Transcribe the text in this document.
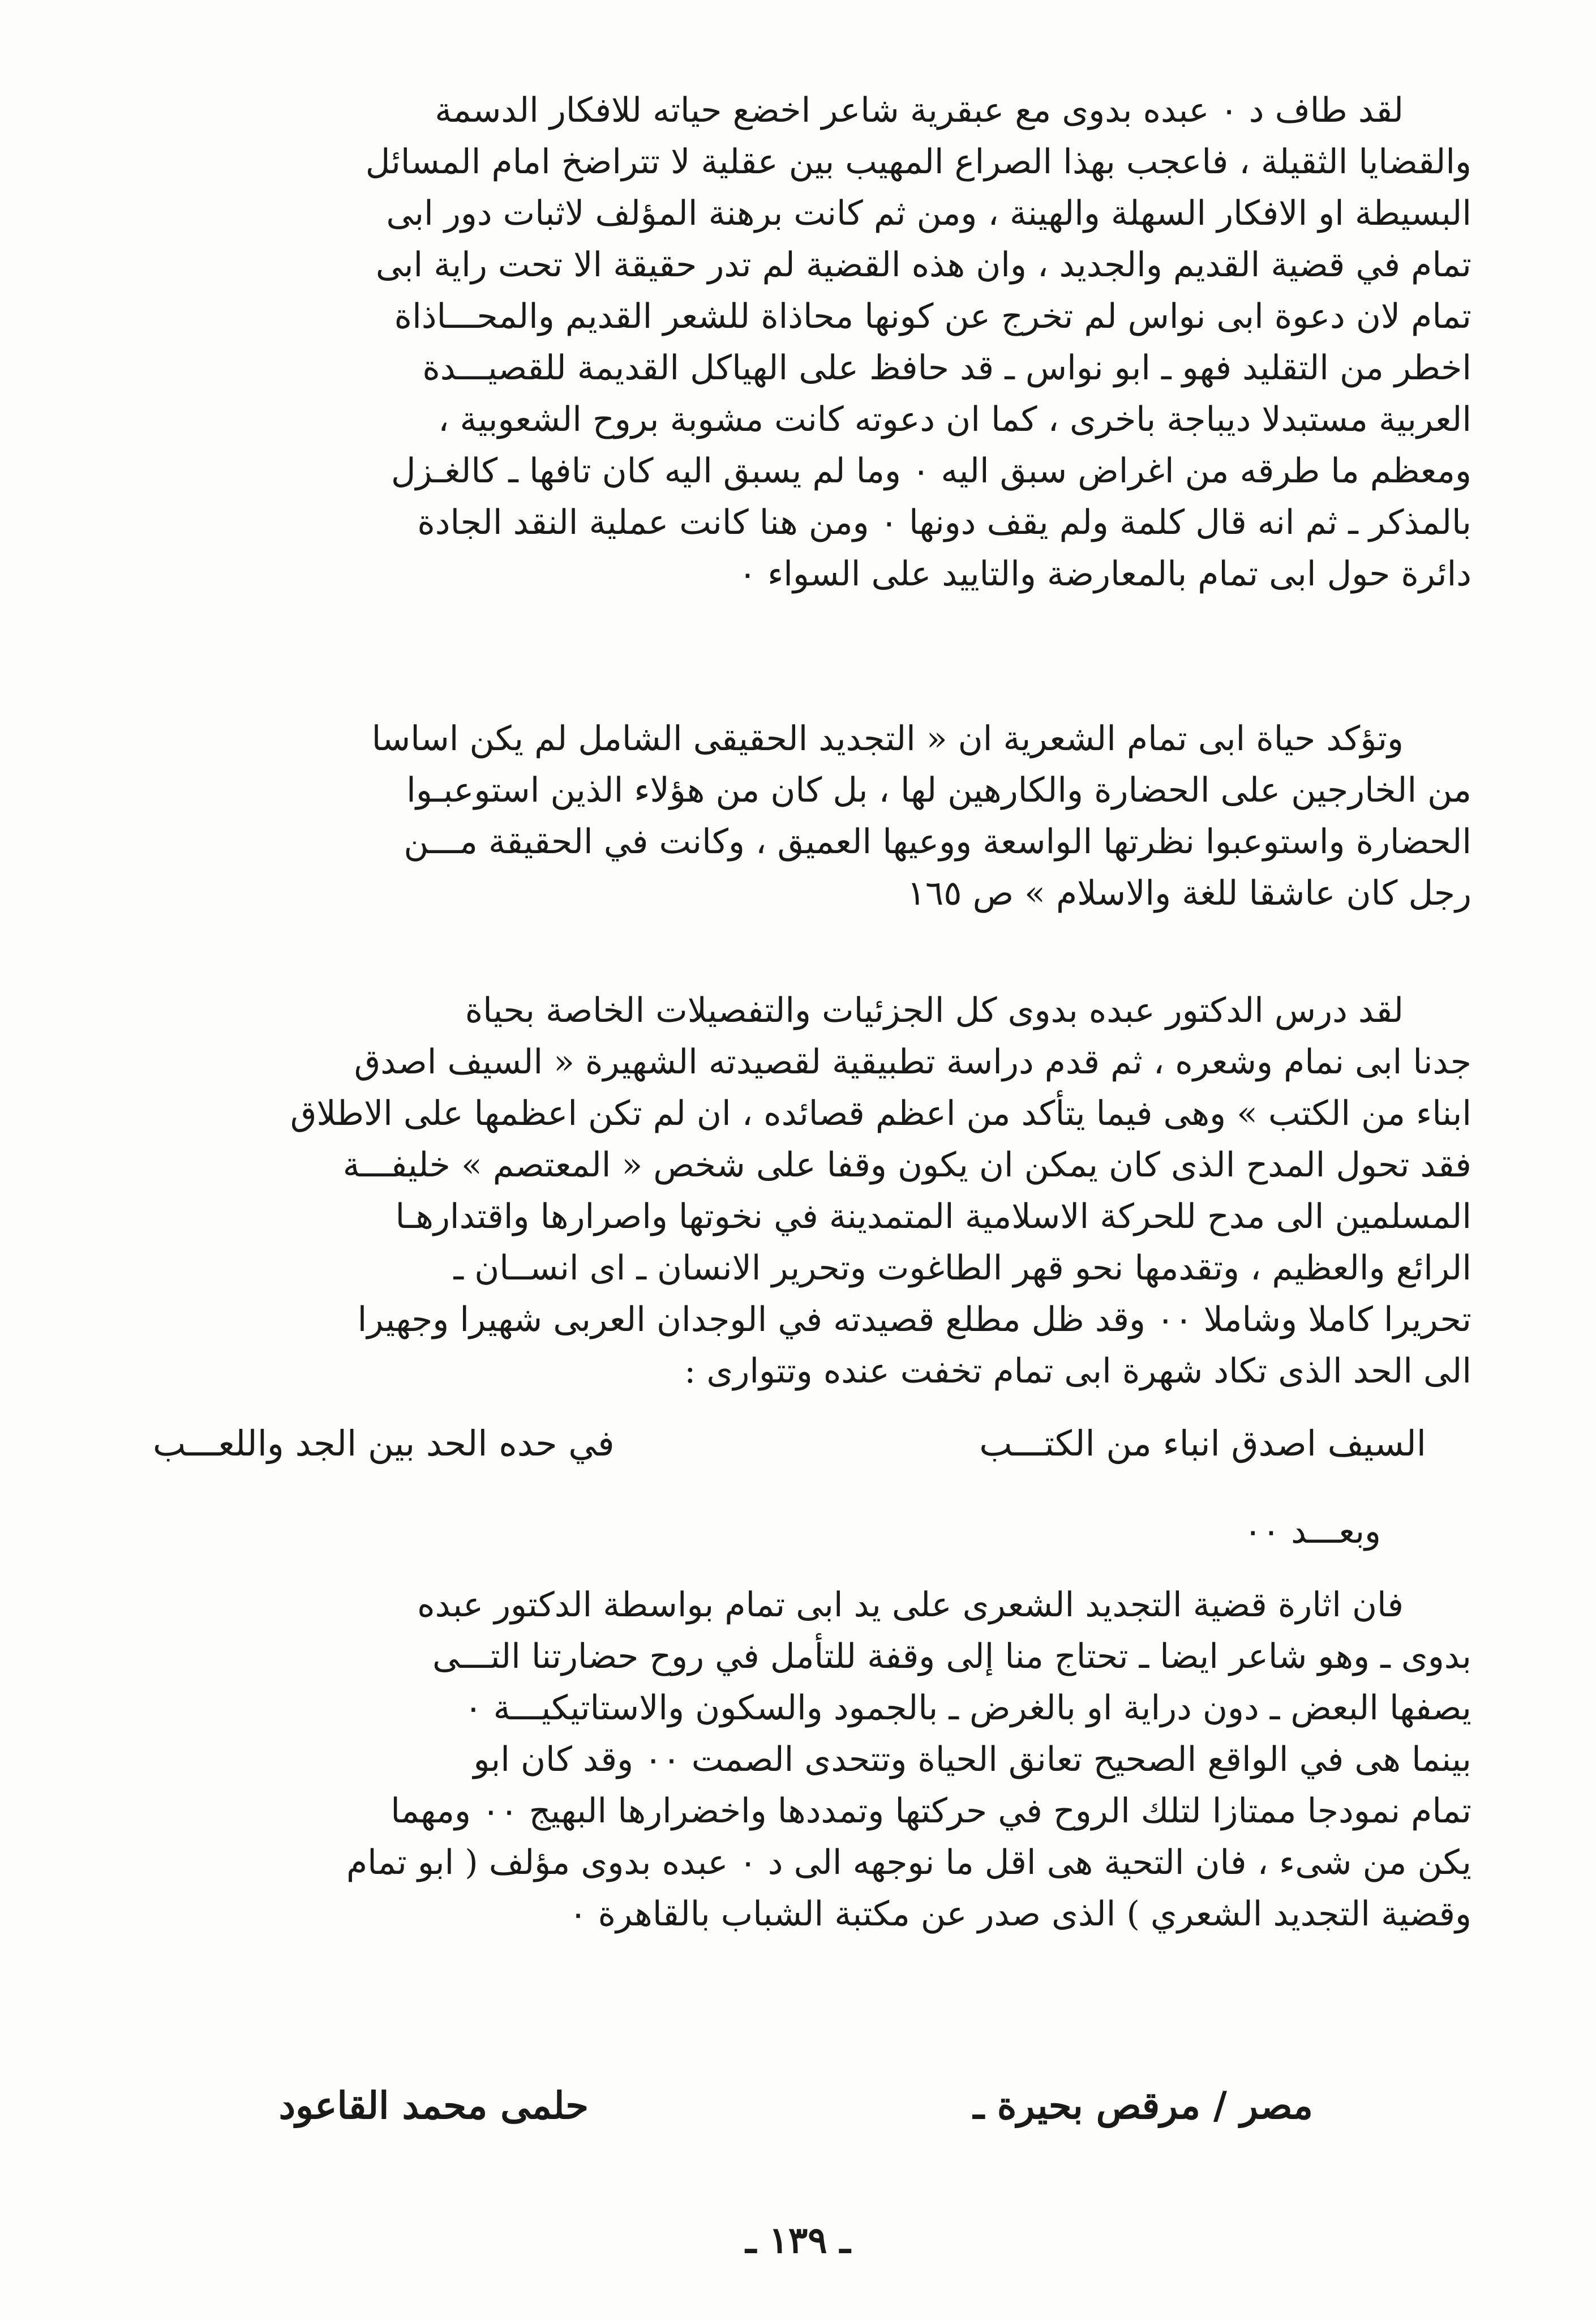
لقد طاف د ٠ عبده بدوى مع عبقرية شاعر اخضع حياته للافكار الدسمة
والقضايا الثقيلة ، فاعجب بهذا الصراع المهيب بين عقلية لا تتراضخ امام المسائل
البسيطة او الافكار السهلة والهينة ، ومن ثم كانت برهنة المؤلف لاثبات دور ابى
تمام في قضية القديم والجديد ، وان هذه القضية لم تدر حقيقة الا تحت راية ابى
تمام لان دعوة ابى نواس لم تخرج عن كونها محاذاة للشعر القديم والمحـــاذاة
اخطر من التقليد فهو ـ ابو نواس ـ قد حافظ على الهياكل القديمة للقصيـــدة
العربية مستبدلا ديباجة باخرى ، كما ان دعوته كانت مشوبة بروح الشعوبية ،
ومعظم ما طرقه من اغراض سبق اليه ٠ وما لم يسبق اليه كان تافها ـ كالغـزل
بالمذكر ـ ثم انه قال كلمة ولم يقف دونها ٠ ومن هنا كانت عملية النقد الجادة
دائرة حول ابى تمام بالمعارضة والتاييد على السواء ٠

وتؤكد حياة ابى تمام الشعرية ان « التجديد الحقيقى الشامل لم يكن اساسا
من الخارجين على الحضارة والكارهين لها ، بل كان من هؤلاء الذين استوعبـوا
الحضارة واستوعبوا نظرتها الواسعة ووعيها العميق ، وكانت في الحقيقة مـــن
رجل كان عاشقا للغة والاسلام » ص ١٦٥

لقد درس الدكتور عبده بدوى كل الجزئيات والتفصيلات الخاصة بحياة
جدنا ابى نمام وشعره ، ثم قدم دراسة تطبيقية لقصيدته الشهيرة « السيف اصدق
ابناء من الكتب » وهى فيما يتأكد من اعظم قصائده ، ان لم تكن اعظمها على الاطلاق
فقد تحول المدح الذى كان يمكن ان يكون وقفا على شخص « المعتصم » خليفـــة
المسلمين الى مدح للحركة الاسلامية المتمدينة في نخوتها واصرارها واقتدارهـا
الرائع والعظيم ، وتقدمها نحو قهر الطاغوت وتحرير الانسان ـ اى انســان ـ
تحريرا كاملا وشاملا ٠٠ وقد ظل مطلع قصيدته في الوجدان العربى شهيرا وجهيرا
الى الحد الذى تكاد شهرة ابى تمام تخفت عنده وتتوارى :

السيف اصدق انباء من الكتـــب
في حده الحد بين الجد واللعـــب
وبعـــد ٠٠

فان اثارة قضية التجديد الشعرى على يد ابى تمام بواسطة الدكتور عبده
بدوى ـ وهو شاعر ايضا ـ تحتاج منا إلى وقفة للتأمل في روح حضارتنا التـــى
يصفها البعض ـ دون دراية او بالغرض ـ بالجمود والسكون والاستاتيكيـــة ٠
بينما هى في الواقع الصحيح تعانق الحياة وتتحدى الصمت ٠٠ وقد كان ابو
تمام نمودجا ممتازا لتلك الروح في حركتها وتمددها واخضرارها البهيج ٠٠ ومهما
يكن من شىء ، فان التحية هى اقل ما نوجهه الى د ٠ عبده بدوى مؤلف ( ابو تمام
وقضية التجديد الشعري ) الذى صدر عن مكتبة الشباب بالقاهرة ٠

مصر / مرقص بحيرة ـ
حلمى محمد القاعود
ـ ١٣٩ ـ
